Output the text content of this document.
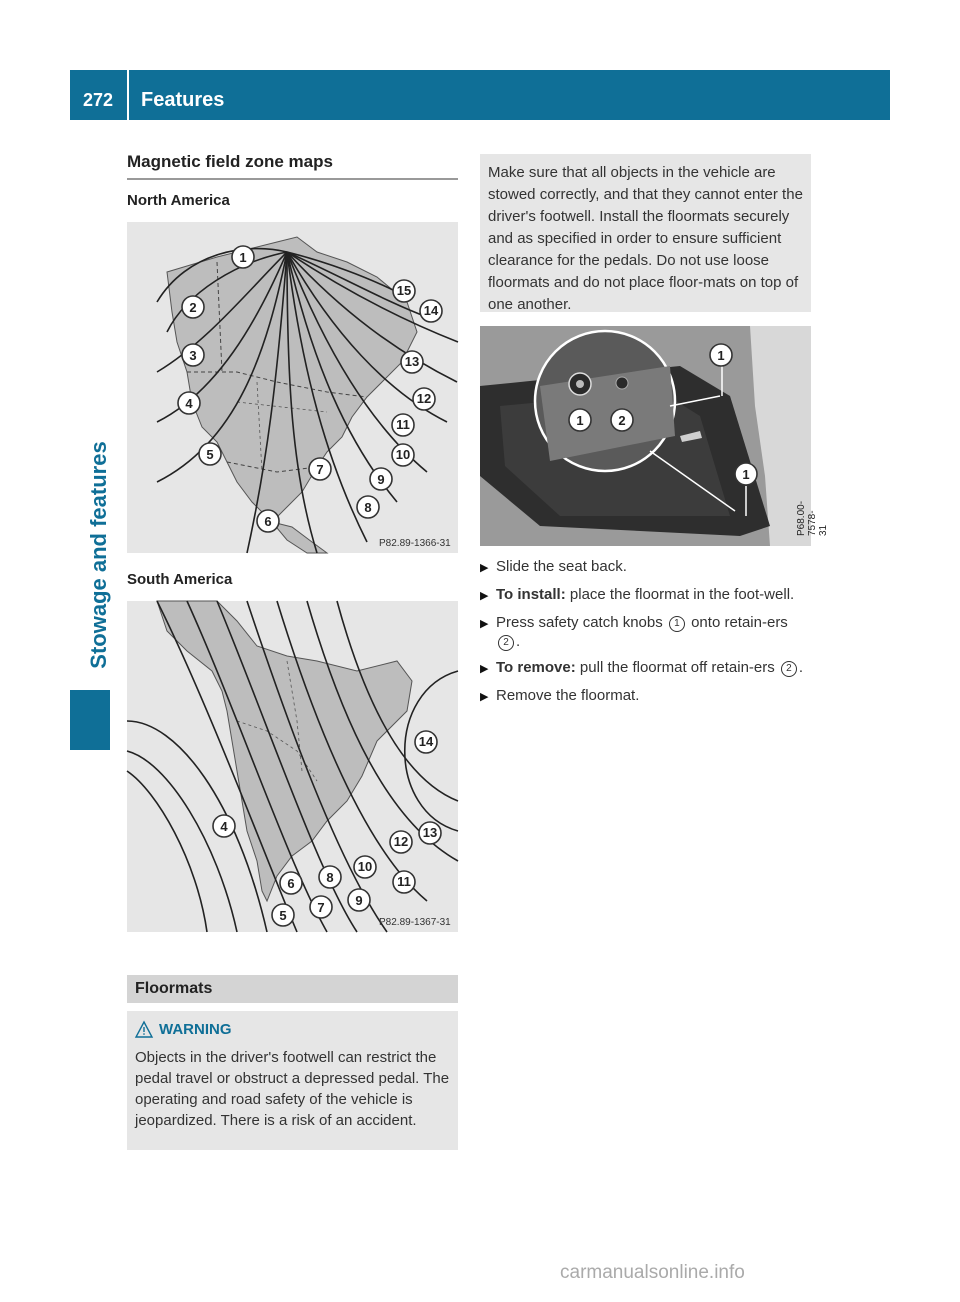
272	Features
Stowage and features
Magnetic field zone maps
North America
1
2
3
4
5
6
7
8
9
10
11
12
13
14
15
P82.89-1366-31
South America
4
5
6
7
8
9
10
11
12
13
14
P82.89-1367-31
Floormats
WARNING
Objects in the driver's footwell can restrict the pedal travel or obstruct a depressed pedal. The operating and road safety of the vehicle is jeopardized. There is a risk of an accident.
Make sure that all objects in the vehicle are stowed correctly, and that they cannot enter the driver's footwell. Install the floormats securely and as specified in order to ensure sufficient clearance for the pedals. Do not use loose floormats and do not place floor-mats on top of one another.
1
1	2
1
P68.00-7578-31
▶ Slide the seat back.
▶ To install: place the floormat in the foot-well.
▶ Press safety catch knobs 1 onto retain-ers 2 .
▶ To remove: pull the floormat off retain-ers 2 .
▶ Remove the floormat.
carmanualsonline.info
